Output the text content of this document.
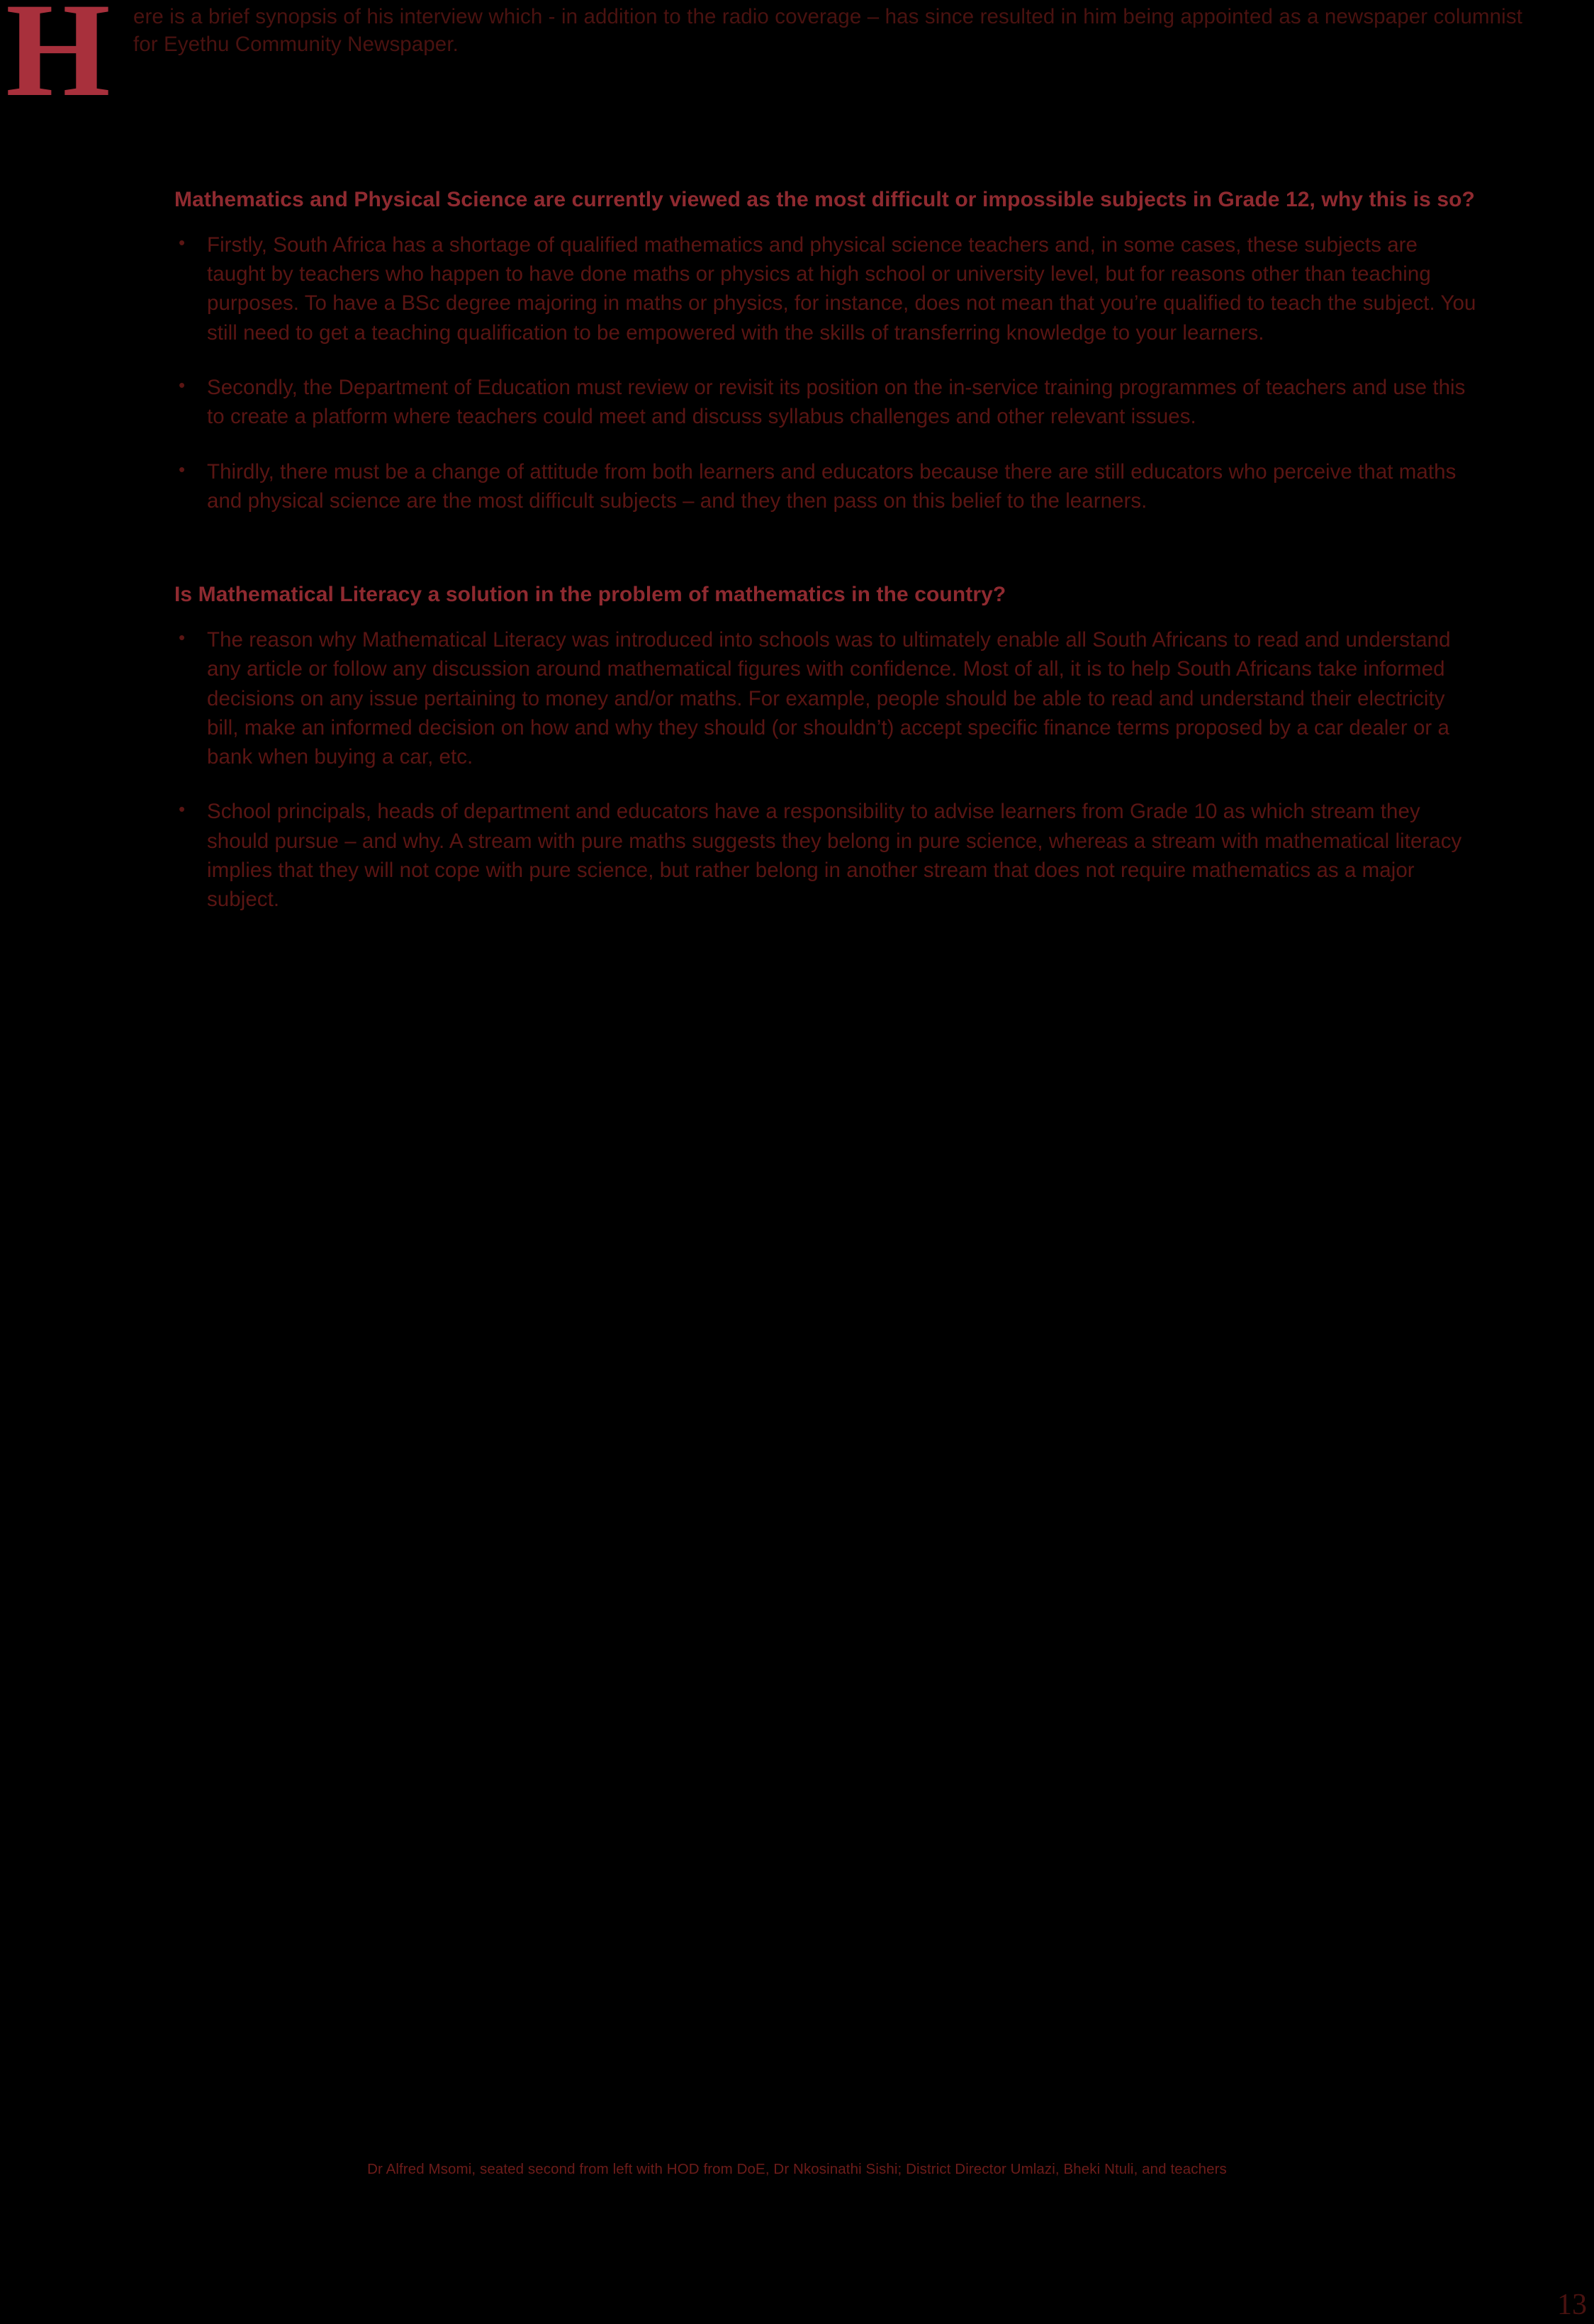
H ere is a brief synopsis of his interview which - in addition to the radio coverage – has since resulted in him being appointed as a newspaper columnist for Eyethu Community Newspaper.
Mathematics and Physical Science are currently viewed as the most difficult or impossible subjects in Grade 12, why this is so?
• Firstly, South Africa has a shortage of qualified mathematics and physical science teachers and, in some cases, these subjects are taught by teachers who happen to have done maths or physics at high school or university level, but for reasons other than teaching purposes. To have a BSc degree majoring in maths or physics, for instance, does not mean that you’re qualified to teach the subject. You still need to get a teaching qualification to be empowered with the skills of transferring knowledge to your learners.
• Secondly, the Department of Education must review or revisit its position on the in-service training programmes of teachers and use this to create a platform where teachers could meet and discuss syllabus challenges and other relevant issues.
• Thirdly, there must be a change of attitude from both learners and educators because there are still educators who perceive that maths and physical science are the most difficult subjects – and they then pass on this belief to the learners.
Is Mathematical Literacy a solution in the problem of mathematics in the country?
• The reason why Mathematical Literacy was introduced into schools was to ultimately enable all South Africans to read and understand any article or follow any discussion around mathematical figures with confidence. Most of all, it is to help South Africans take informed decisions on any issue pertaining to money and/or maths. For example, people should be able to read and understand their electricity bill, make an informed decision on how and why they should (or shouldn’t) accept specific finance terms proposed by a car dealer or a bank when buying a car, etc.
• School principals, heads of department and educators have a responsibility to advise learners from Grade 10 as which stream they should pursue – and why. A stream with pure maths suggests they belong in pure science, whereas a stream with mathematical literacy implies that they will not cope with pure science, but rather belong in another stream that does not require mathematics as a major subject.
Dr Alfred Msomi, seated second from left with HOD from DoE, Dr Nkosinathi Sishi; District Director Umlazi, Bheki Ntuli, and teachers
13
